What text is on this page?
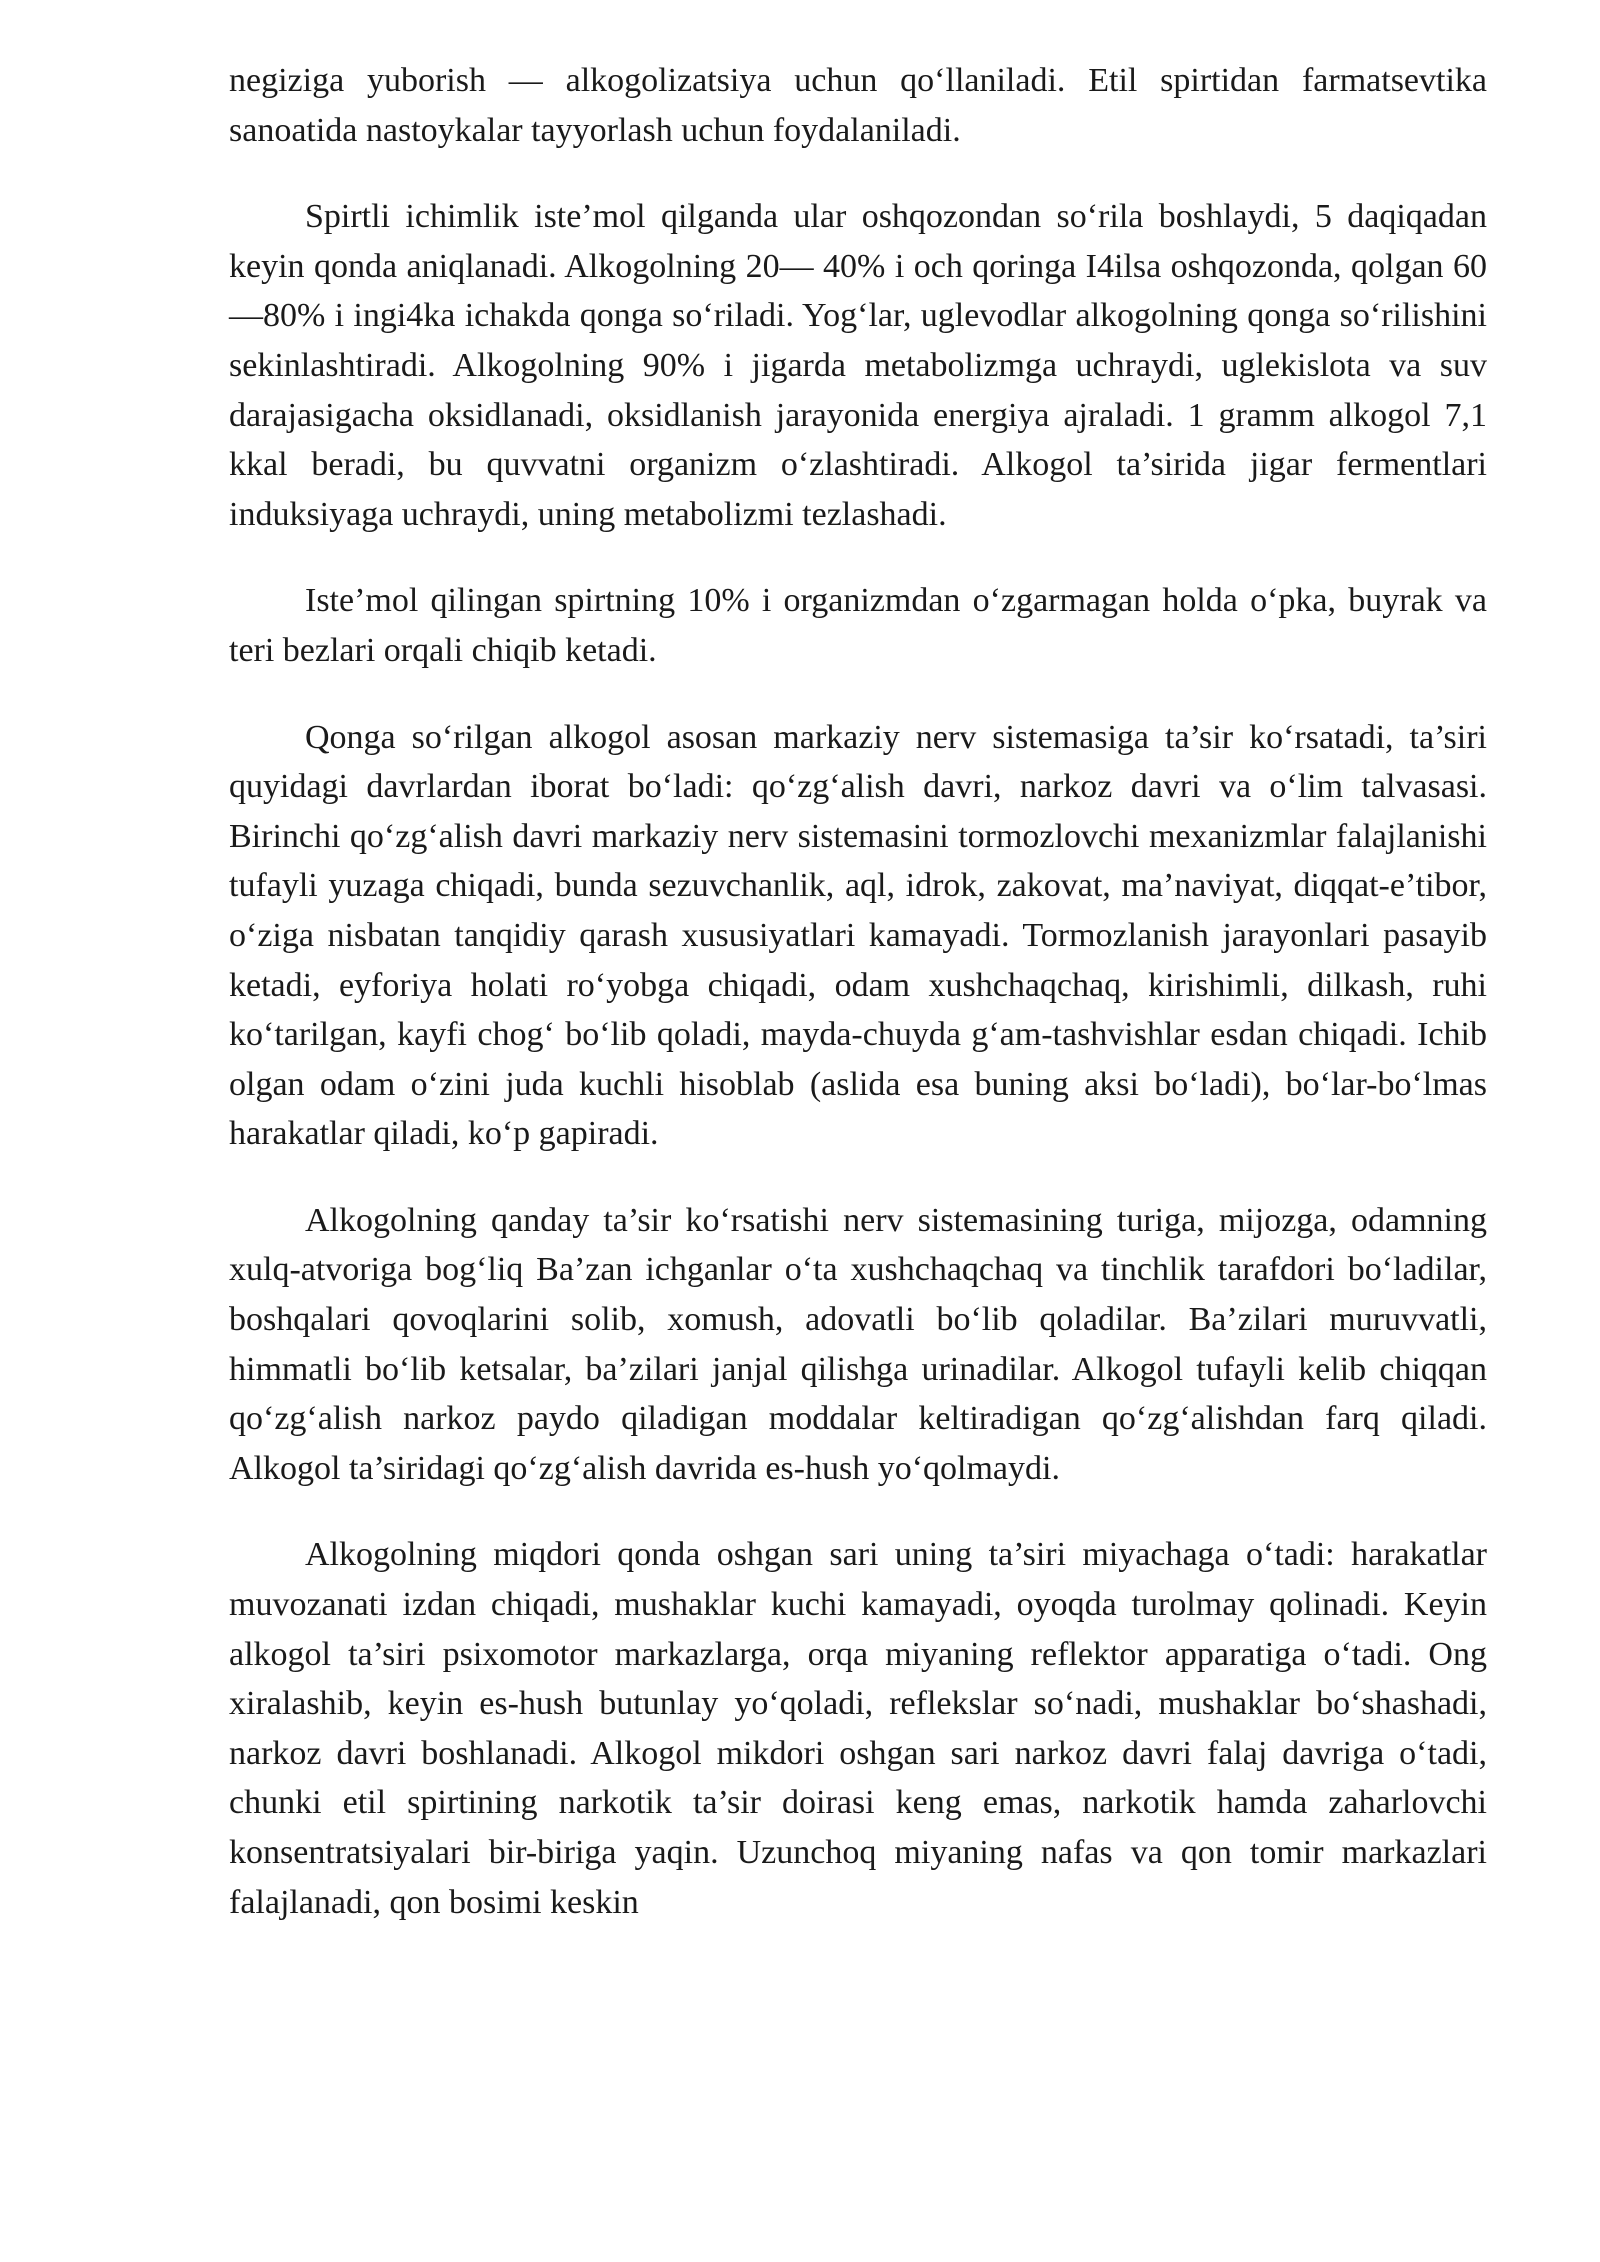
negiziga yuborish — alkogolizatsiya uchun qo‘llaniladi. Etil spirtidan farmatsevtika sanoatida nastoykalar tayyorlash uchun foydalaniladi.

Spirtli ichimlik iste’mol qilganda ular oshqozondan so‘rila boshlaydi, 5 daqiqadan keyin qonda aniqlanadi. Alkogolning 20— 40% i och qoringa I4ilsa oshqozonda, qolgan 60—80% i ingi4ka ichakda qonga so‘riladi. Yog‘lar, uglevodlar alkogolning qonga so‘rilishini sekinlashtiradi. Alkogolning 90% i jigarda metabolizmga uchraydi, uglekislota va suv darajasigacha oksidlanadi, oksidlanish jarayonida energiya ajraladi. 1 gramm alkogol 7,1 kkal beradi, bu quvvatni organizm o‘zlashtiradi. Alkogol ta’sirida jigar fermentlari induksiyaga uchraydi, uning metabolizmi tezlashadi.

Iste’mol qilingan spirtning 10% i organizmdan o‘zgarmagan holda o‘pka, buyrak va teri bezlari orqali chiqib ketadi.

Qonga so‘rilgan alkogol asosan markaziy nerv sistemasiga ta’sir ko‘rsatadi, ta’siri quyidagi davrlardan iborat bo‘ladi: qo‘zg‘alish davri, narkoz davri va o‘lim talvasasi. Birinchi qo‘zg‘alish davri markaziy nerv sistemasini tormozlovchi mexanizmlar falajlanishi tufayli yuzaga chiqadi, bunda sezuvchanlik, aql, idrok, zakovat, ma’naviyat, diqqat-e’tibor, o‘ziga nisbatan tanqidiy qarash xususiyatlari kamayadi. Tormozlanish jarayonlari pasayib ketadi, eyforiya holati ro‘yobga chiqadi, odam xushchaqchaq, kirishimli, dilkash, ruhi ko‘tarilgan, kayfi chog‘ bo‘lib qoladi, mayda-chuyda g‘am-tashvishlar esdan chiqadi. Ichib olgan odam o‘zini juda kuchli hisoblab (aslida esa buning aksi bo‘ladi), bo‘lar-bo‘lmas harakatlar qiladi, ko‘p gapiradi.

Alkogolning qanday ta’sir ko‘rsatishi nerv sistemasining turiga, mijozga, odamning xulq-atvoriga bog‘liq Ba’zan ichganlar o‘ta xushchaqchaq va tinchlik tarafdori bo‘ladilar, boshqalari qovoqlarini solib, xomush, adovatli bo‘lib qoladilar. Ba’zilari muruvvatli, himmatli bo‘lib ketsalar, ba’zilari janjal qilishga urinadilar. Alkogol tufayli kelib chiqqan qo‘zg‘alish narkoz paydo qiladigan moddalar keltiradigan qo‘zg‘alishdan farq qiladi. Alkogol ta’siridagi qo‘zg‘alish davrida es-hush yo‘qolmaydi.

Alkogolning miqdori qonda oshgan sari uning ta’siri miyachaga o‘tadi: harakatlar muvozanati izdan chiqadi, mushaklar kuchi kamayadi, oyoqda turolmay qolinadi. Keyin alkogol ta’siri psixomotor markazlarga, orqa miyaning reflektor apparatiga o‘tadi. Ong xiralashib, keyin es-hush butunlay yo‘qoladi, reflekslar so‘nadi, mushaklar bo‘shashadi, narkoz davri boshlanadi. Alkogol mikdori oshgan sari narkoz davri falaj davriga o‘tadi, chunki etil spirtining narkotik ta’sir doirasi keng emas, narkotik hamda zaharlovchi konsentratsiyalari bir-biriga yaqin. Uzunchoq miyaning nafas va qon tomir markazlari falajlanadi, qon bosimi keskin
